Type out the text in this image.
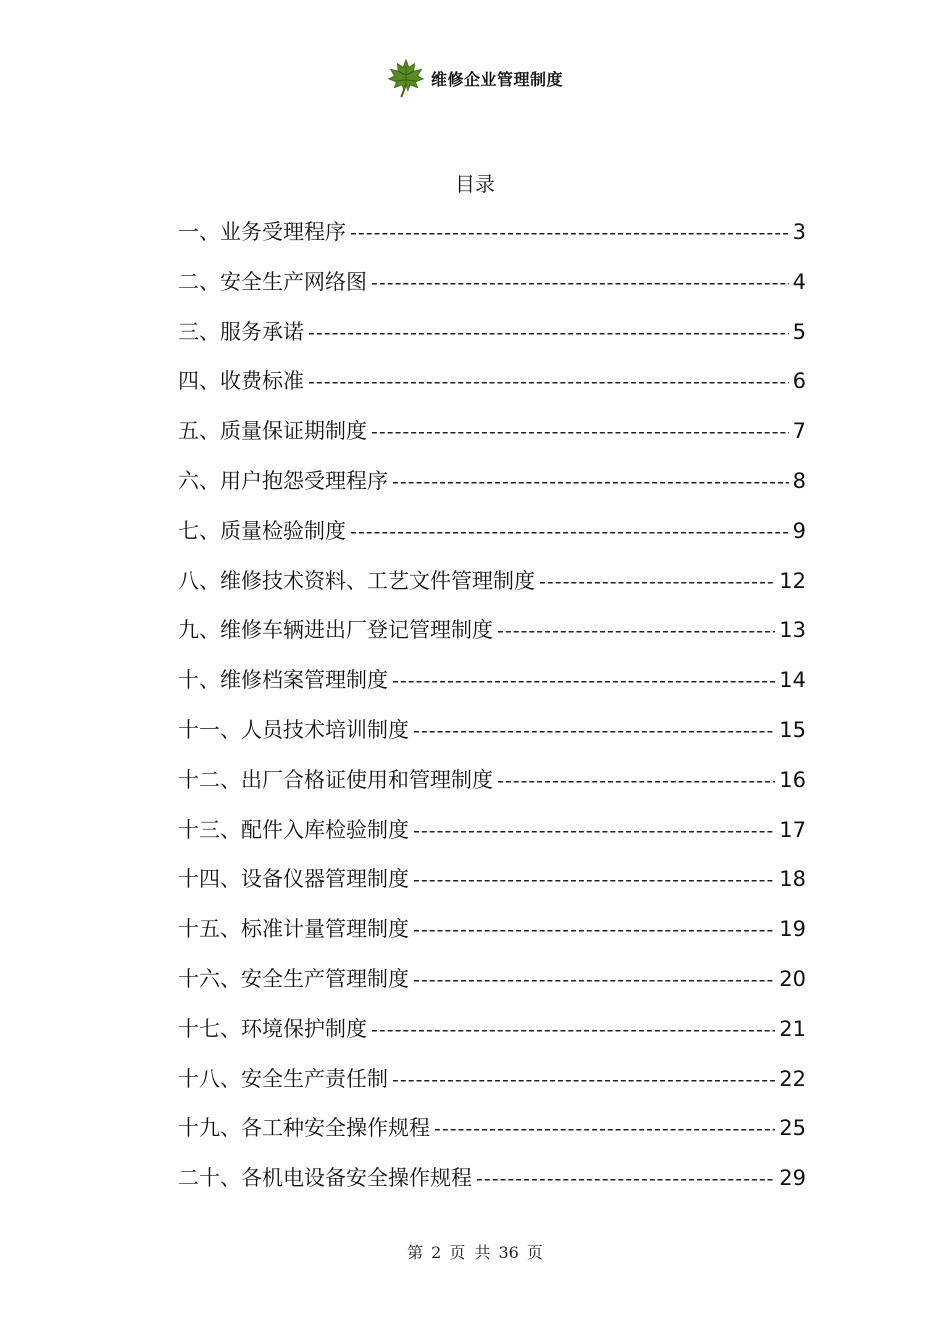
维修企业管理制度
目录
一、业务受理程序 -----	3
二、安全生产网络图 -----	4
三、服务承诺 -----	5
四、收费标准 -----	6
五、质量保证期制度 -----	7
六、用户抱怨受理程序 -----	8
七、质量检验制度 -----	9
八、维修技术资料、工艺文件管理制度 -----	12
九、维修车辆进出厂登记管理制度 -----	13
十、维修档案管理制度 -----	14
十一、人员技术培训制度 -----	15
十二、出厂合格证使用和管理制度 -----	16
十三、配件入库检验制度 -----	17
十四、设备仪器管理制度 -----	18
十五、标准计量管理制度 -----	19
十六、安全生产管理制度 -----	20
十七、环境保护制度 -----	21
十八、安全生产责任制 -----	22
十九、各工种安全操作规程 -----	25
二十、各机电设备安全操作规程 -----	29
第 2 页 共 36 页
